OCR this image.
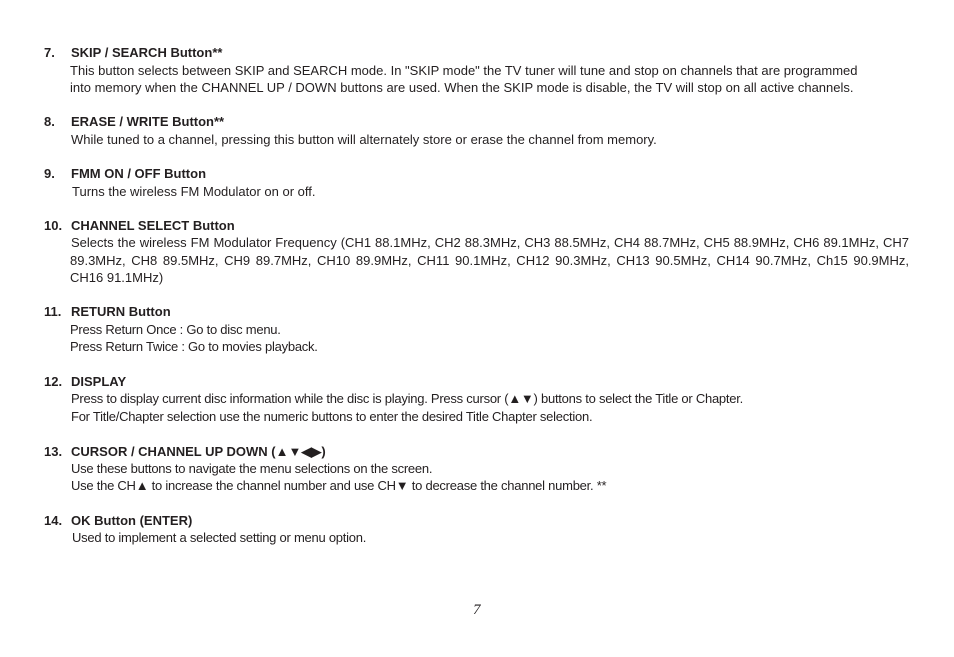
7. SKIP / SEARCH Button**
This button selects between SKIP and SEARCH mode. In "SKIP mode" the TV tuner will tune and stop on channels that are programmed
into memory when the CHANNEL UP / DOWN buttons are used. When the SKIP mode is disable, the TV will stop on all active channels.
8. ERASE / WRITE Button**
While tuned to a channel, pressing this button will alternately store or erase the channel from memory.
9. FMM ON / OFF Button
Turns the wireless FM Modulator on or off.
10. CHANNEL SELECT Button
Selects the wireless FM Modulator Frequency (CH1 88.1MHz, CH2 88.3MHz, CH3 88.5MHz, CH4 88.7MHz, CH5 88.9MHz, CH6 89.1MHz, CH7 89.3MHz, CH8 89.5MHz, CH9 89.7MHz, CH10 89.9MHz, CH11 90.1MHz, CH12 90.3MHz, CH13 90.5MHz, CH14 90.7MHz, Ch15 90.9MHz, CH16 91.1MHz)
11. RETURN Button
Press Return Once : Go to disc menu.
Press Return Twice : Go to movies playback.
12. DISPLAY
Press to display current disc information while the disc is playing. Press cursor (▲▼) buttons to select the Title or Chapter.
For Title/Chapter selection use the numeric buttons to enter the desired Title Chapter selection.
13. CURSOR / CHANNEL UP DOWN (▲▼◀▶)
Use these buttons to navigate the menu selections on the screen.
Use the CH▲ to increase the channel number and use CH▼ to decrease the channel number. **
14. OK Button (ENTER)
Used to implement a selected setting or menu option.
7
